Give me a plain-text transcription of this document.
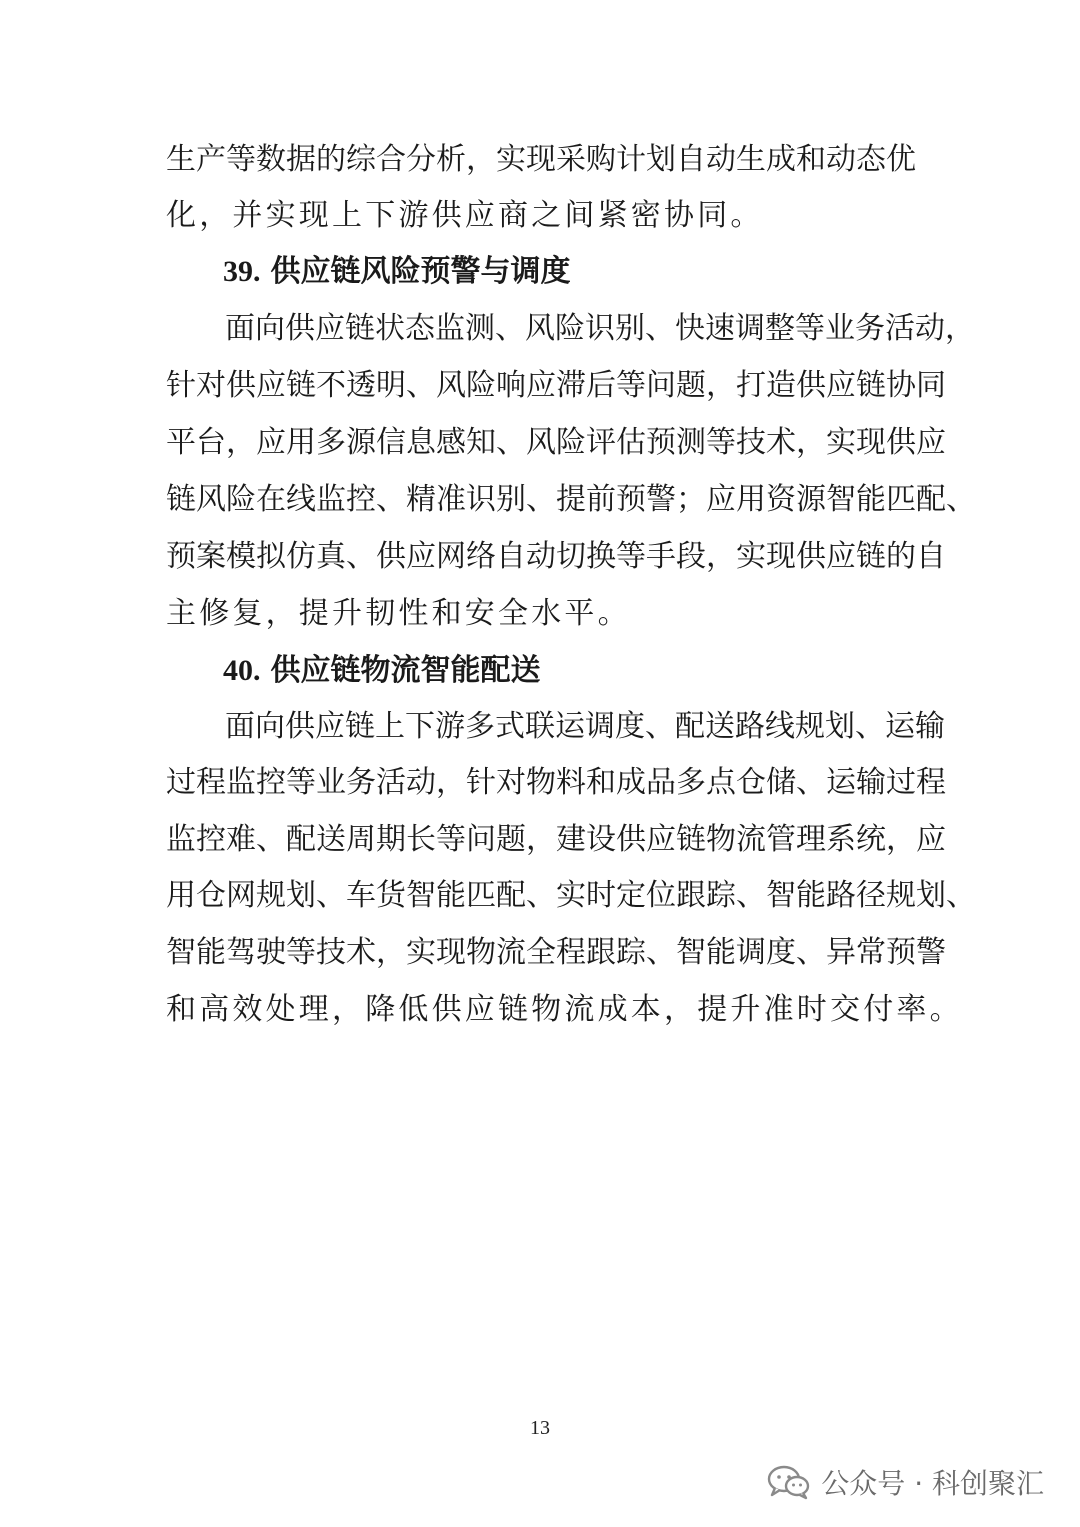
生产等数据的综合分析，实现采购计划自动生成和动态优

化，并实现上下游供应商之间紧密协同。

39. 供应链风险预警与调度

面向供应链状态监测、风险识别、快速调整等业务活动，

针对供应链不透明、风险响应滞后等问题，打造供应链协同

平台，应用多源信息感知、风险评估预测等技术，实现供应

链风险在线监控、精准识别、提前预警；应用资源智能匹配、

预案模拟仿真、供应网络自动切换等手段，实现供应链的自

主修复，提升韧性和安全水平。

40. 供应链物流智能配送

面向供应链上下游多式联运调度、配送路线规划、运输

过程监控等业务活动，针对物料和成品多点仓储、运输过程

监控难、配送周期长等问题，建设供应链物流管理系统，应

用仓网规划、车货智能匹配、实时定位跟踪、智能路径规划、

智能驾驶等技术，实现物流全程跟踪、智能调度、异常预警

和高效处理，降低供应链物流成本，提升准时交付率。

13
公众号 · 科创聚汇
